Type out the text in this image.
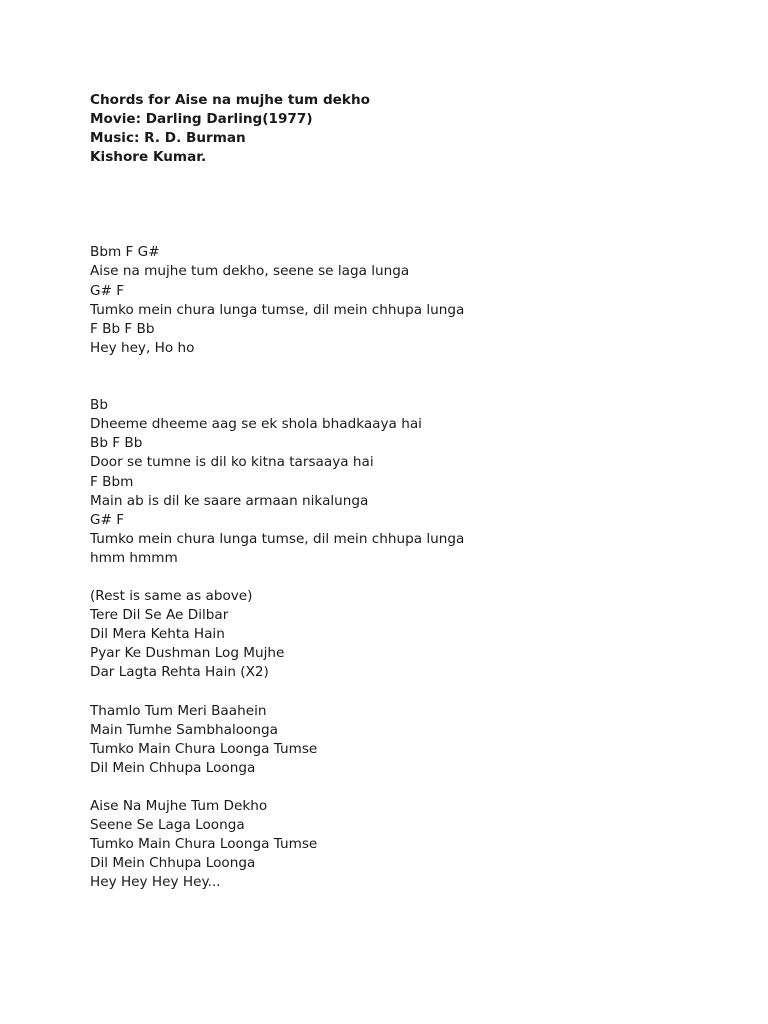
Chords for Aise na mujhe tum dekho
Movie: Darling Darling(1977)
Music: R. D. Burman
Kishore Kumar.
Bbm F G#
Aise na mujhe tum dekho, seene se laga lunga
G# F
Tumko mein chura lunga tumse, dil mein chhupa lunga
F Bb F Bb
Hey hey, Ho ho
Bb
Dheeme dheeme aag se ek shola bhadkaaya hai
Bb F Bb
Door se tumne is dil ko kitna tarsaaya hai
F Bbm
Main ab is dil ke saare armaan nikalunga
G# F
Tumko mein chura lunga tumse, dil mein chhupa lunga
hmm hmmm
(Rest is same as above)
Tere Dil Se Ae Dilbar
Dil Mera Kehta Hain
Pyar Ke Dushman Log Mujhe
Dar Lagta Rehta Hain (X2)
Thamlo Tum Meri Baahein
Main Tumhe Sambhaloonga
Tumko Main Chura Loonga Tumse
Dil Mein Chhupa Loonga
Aise Na Mujhe Tum Dekho
Seene Se Laga Loonga
Tumko Main Chura Loonga Tumse
Dil Mein Chhupa Loonga
Hey Hey Hey Hey...
